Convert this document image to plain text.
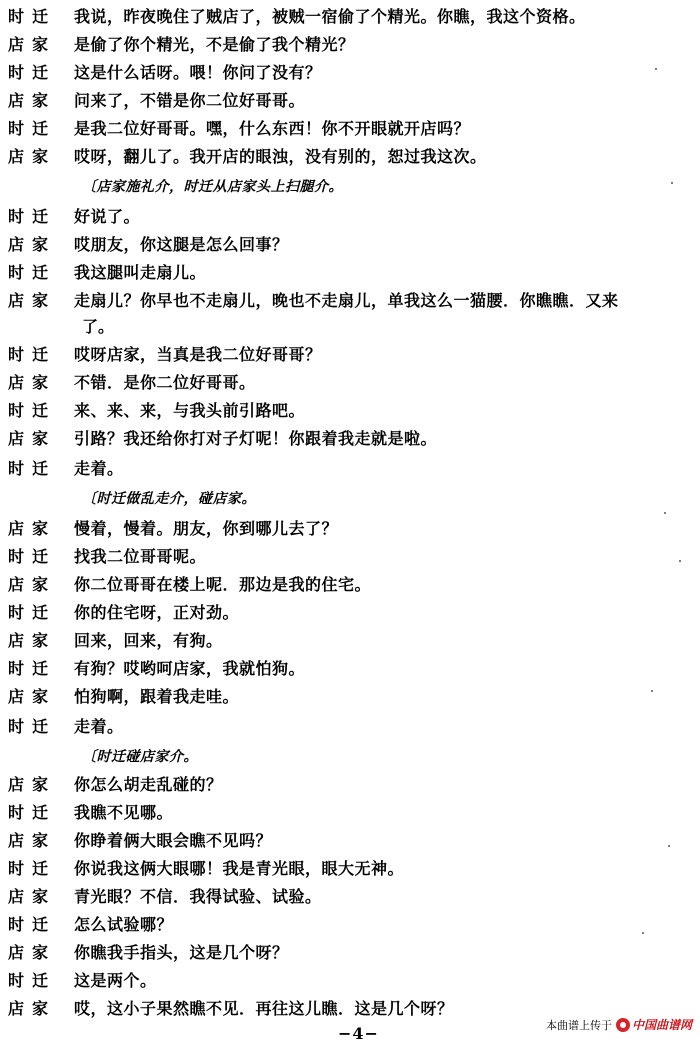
时迁	我说，昨夜晚住了贼店了，被贼一宿偷了个精光。你瞧，我这个资格。
店家	是偷了你个精光，不是偷了我个精光？
时迁	这是什么话呀。喂！你问了没有？
店家	问来了，不错是你二位好哥哥。
时迁	是我二位好哥哥。嘿，什么东西！你不开眼就开店吗？
店家	哎呀，翻儿了。我开店的眼浊，没有别的，恕过我这次。
〔店家施礼介，时迁从店家头上扫腿介。
时迁	好说了。
店家	哎朋友，你这腿是怎么回事？
时迁	我这腿叫走扇儿。
店家	走扇儿？你早也不走扇儿，晚也不走扇儿，单我这么一猫腰．你瞧瞧．又来
了。
时迁	哎呀店家，当真是我二位好哥哥？
店家	不错．是你二位好哥哥。
时迁	来、来、来，与我头前引路吧。
店家	引路？我还给你打对子灯呢！你跟着我走就是啦。
时迁	走着。
〔时迁做乱走介，碰店家。
店家	慢着，慢着。朋友，你到哪儿去了？
时迁	找我二位哥哥呢。
店家	你二位哥哥在楼上呢．那边是我的住宅。
时迁	你的住宅呀，正对劲。
店家	回来，回来，有狗。
时迁	有狗？哎哟呵店家，我就怕狗。
店家	怕狗啊，跟着我走哇。
时迁	走着。
〔时迁碰店家介。
店家	你怎么胡走乱碰的？
时迁	我瞧不见哪。
店家	你睁着俩大眼会瞧不见吗？
时迁	你说我这俩大眼哪！我是青光眼，眼大无神。
店家	青光眼？不信．我得试验、试验。
时迁	怎么试验哪？
店家	你瞧我手指头，这是几个呀？
时迁	这是两个。
店家	哎，这小子果然瞧不见．再往这儿瞧．这是几个呀？
−4−	本曲谱上传于 中国曲谱网
